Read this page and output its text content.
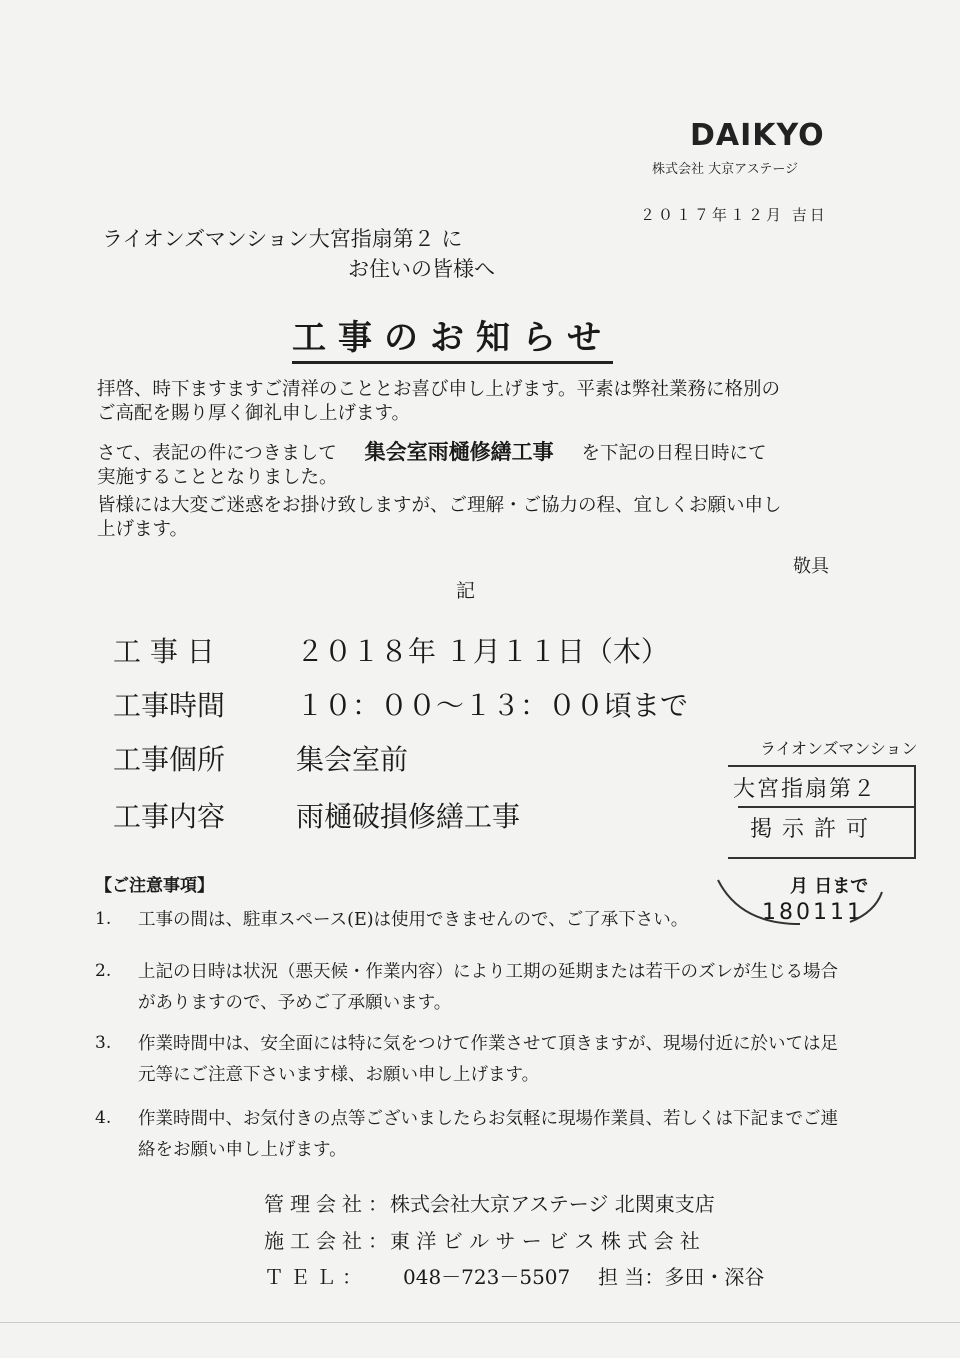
DAIKYO
株式会社 大京アステージ
２０１７年１２月 吉日
ライオンズマンション大宮指扇第２ に
お住いの皆様へ
工事のお知らせ
拝啓、時下ますますご清祥のこととお喜び申し上げます。平素は弊社業務に格別の
ご高配を賜り厚く御礼申し上げます。
さて、表記の件につきまして 集会室雨樋修繕工事 を下記の日程日時にて
実施することとなりました。
皆様には大変ご迷惑をお掛け致しますが、ご理解・ご協力の程、宜しくお願い申し
上げます。
敬具
記
工 事 日	２０１８年 １月１１日（木）
工事時間	１０：００～１３：００頃まで
工事個所	集会室前
工事内容	雨樋破損修繕工事
ライオンズマンション
大宮指扇第２
掲示許可
月 日まで
180111
【ご注意事項】
1. 工事の間は、駐車スペース(E)は使用できませんので、ご了承下さい。
2. 上記の日時は状況（悪天候・作業内容）により工期の延期または若干のズレが生じる場合がありますので、予めご了承願います。
3. 作業時間中は、安全面には特に気をつけて作業させて頂きますが、現場付近に於いては足元等にご注意下さいます様、お願い申し上げます。
4. 作業時間中、お気付きの点等ございましたらお気軽に現場作業員、若しくは下記までご連絡をお願い申し上げます。
管理会社：
株式会社大京アステージ 北関東支店
施工会社：
東 洋 ビ ル サ ー ビ ス 株 式 会 社
ＴＥＬ： 048－723－5507 担 当：多田・深谷
